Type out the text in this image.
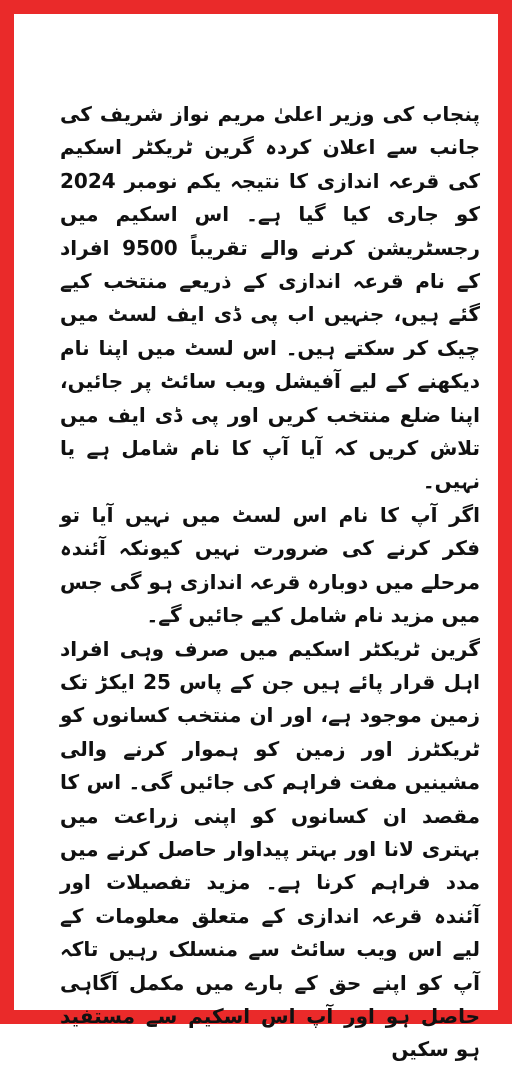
پنجاب کی وزیر اعلیٰ مریم نواز شریف کی جانب سے اعلان کردہ گرین ٹریکٹر اسکیم کی قرعہ اندازی کا نتیجہ یکم نومبر 2024 کو جاری کیا گیا ہے۔ اس اسکیم میں رجسٹریشن کرنے والے تقریباً 9500 افراد کے نام قرعہ اندازی کے ذریعے منتخب کیے گئے ہیں، جنہیں اب پی ڈی ایف لسٹ میں چیک کر سکتے ہیں۔ اس لسٹ میں اپنا نام دیکھنے کے لیے آفیشل ویب سائٹ پر جائیں، اپنا ضلع منتخب کریں اور پی ڈی ایف میں تلاش کریں کہ آیا آپ کا نام شامل ہے یا نہیں۔

اگر آپ کا نام اس لسٹ میں نہیں آیا تو فکر کرنے کی ضرورت نہیں کیونکہ آئندہ مرحلے میں دوبارہ قرعہ اندازی ہو گی جس میں مزید نام شامل کیے جائیں گے۔

گرین ٹریکٹر اسکیم میں صرف وہی افراد اہل قرار پائے ہیں جن کے پاس 25 ایکڑ تک زمین موجود ہے، اور ان منتخب کسانوں کو ٹریکٹرز اور زمین کو ہموار کرنے والی مشینیں مفت فراہم کی جائیں گی۔ اس کا مقصد ان کسانوں کو اپنی زراعت میں بہتری لانا اور بہتر پیداوار حاصل کرنے میں مدد فراہم کرنا ہے۔ مزید تفصیلات اور آئندہ قرعہ اندازی کے متعلق معلومات کے لیے اس ویب سائٹ سے منسلک رہیں تاکہ آپ کو اپنے حق کے بارے میں مکمل آگاہی حاصل ہو اور آپ اس اسکیم سے مستفید ہو سکیں
